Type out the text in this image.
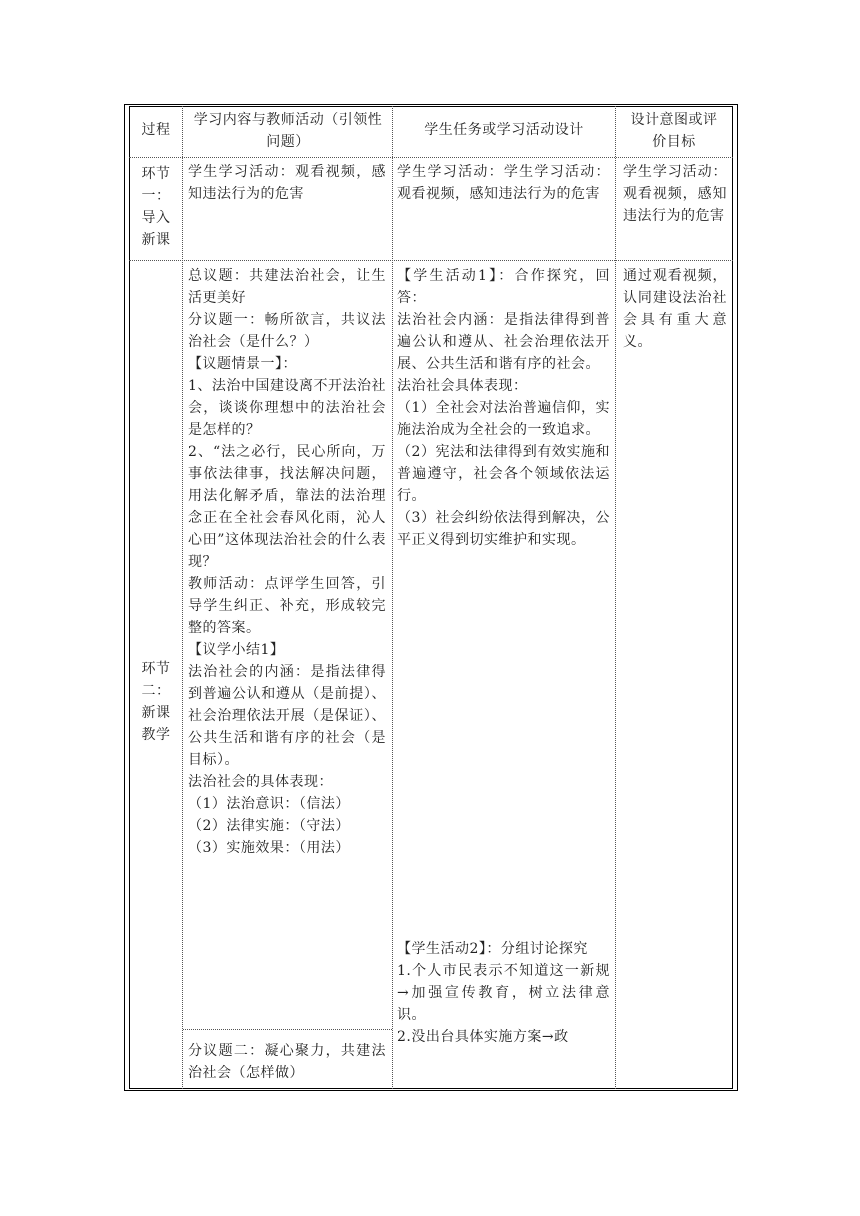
过程
学习内容与教师活动（引领性问题）
学生任务或学习活动设计
设计意图或评价目标
环节一：导入新课
学生学习活动：观看视频，感知违法行为的危害
学生学习活动：学生学习活动：观看视频，感知违法行为的危害
学生学习活动：观看视频，感知违法行为的危害
环节二：新课教学

总议题：共建法治社会，让生活更美好

分议题一：畅所欲言，共议法治社会（是什么？）

【议题情景一】：

1、法治中国建设离不开法治社会，谈谈你理想中的法治社会是怎样的？

2、“法之必行，民心所向，万事依法律事，找法解决问题，用法化解矛盾，靠法的法治理念正在全社会春风化雨，沁人心田”这体现法治社会的什么表现？

教师活动：点评学生回答，引导学生纠正、补充，形成较完整的答案。

【议学小结1】

法治社会的内涵：是指法律得到普遍公认和遵从（是前提）、社会治理依法开展（是保证）、公共生活和谐有序的社会（是目标）。

法治社会的具体表现：

（1）法治意识：（信法）

（2）法律实施：（守法）

（3）实施效果：（用法）

分议题二：凝心聚力，共建法治社会（怎样做）

【学生活动1】：合作探究，回答：

法治社会内涵：是指法律得到普遍公认和遵从、社会治理依法开展、公共生活和谐有序的社会。

法治社会具体表现：

（1）全社会对法治普遍信仰，实施法治成为全社会的一致追求。

（2）宪法和法律得到有效实施和普遍遵守，社会各个领域依法运行。

（3）社会纠纷依法得到解决，公平正义得到切实维护和实现。

【学生活动2】：分组讨论探究

1.个人市民表示不知道这一新规→加强宣传教育，树立法律意识。

2.没出台具体实施方案→政

通过观看视频，认同建设法治社会具有重大意义。
